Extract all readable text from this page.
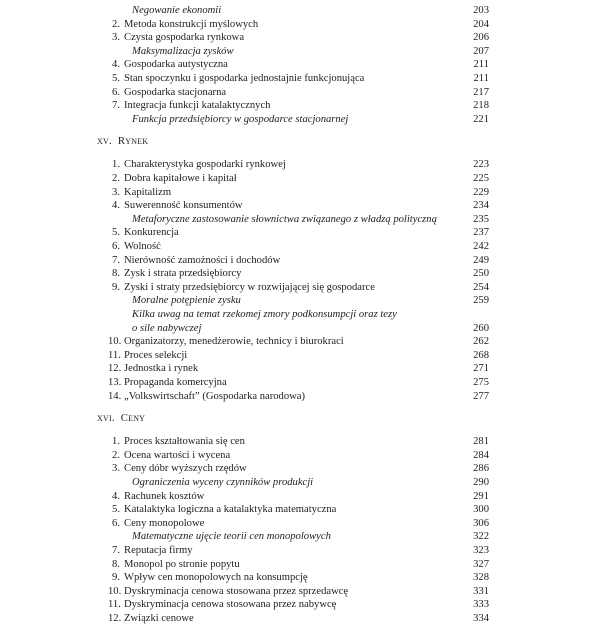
Negowanie ekonomii	203
2. Metoda konstrukcji myślowych	204
3. Czysta gospodarka rynkowa	206
Maksymalizacja zysków	207
4. Gospodarka autystyczna	211
5. Stan spoczynku i gospodarka jednostajnie funkcjonująca	211
6. Gospodarka stacjonarna	217
7. Integracja funkcji katalaktycznych	218
Funkcja przedsiębiorcy w gospodarce stacjonarnej	221
xv. Rynek
1. Charakterystyka gospodarki rynkowej	223
2. Dobra kapitałowe i kapitał	225
3. Kapitalizm	229
4. Suwerenność konsumentów	234
Metaforyczne zastosowanie słownictwa związanego z władzą polityczną	235
5. Konkurencja	237
6. Wolność	242
7. Nierówność zamożności i dochodów	249
8. Zysk i strata przedsiębiorcy	250
9. Zyski i straty przedsiębiorcy w rozwijającej się gospodarce	254
Moralne potępienie zysku	259
Kilka uwag na temat rzekomej zmory podkonsumpcji oraz tezy
o sile nabywczej	260
10. Organizatorzy, menedżerowie, technicy i biurokraci	262
11. Proces selekcji	268
12. Jednostka i rynek	271
13. Propaganda komercyjna	275
14. „Volkswirtschaft” (Gospodarka narodowa)	277
xvi. Ceny
1. Proces kształtowania się cen	281
2. Ocena wartości i wycena	284
3. Ceny dóbr wyższych rzędów	286
Ograniczenia wyceny czynników produkcji	290
4. Rachunek kosztów	291
5. Katalaktyka logiczna a katalaktyka matematyczna	300
6. Ceny monopolowe	306
Matematyczne ujęcie teorii cen monopolowych	322
7. Reputacja firmy	323
8. Monopol po stronie popytu	327
9. Wpływ cen monopolowych na konsumpcję	328
10. Dyskryminacja cenowa stosowana przez sprzedawcę	331
11. Dyskryminacja cenowa stosowana przez nabywcę	333
12. Związki cenowe	334
